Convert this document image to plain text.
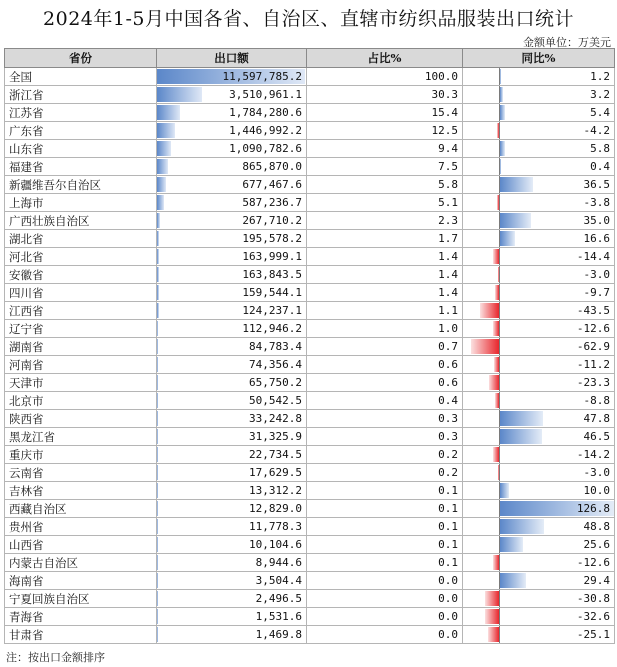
2024年1-5月中国各省、自治区、直辖市纺织品服装出口统计
金额单位：万美元
省份	出口额	占比%	同比%
全国	11,597,785.2	100.0	1.2
浙江省	3,510,961.1	30.3	3.2
江苏省	1,784,280.6	15.4	5.4
广东省	1,446,992.2	12.5	-4.2
山东省	1,090,782.6	9.4	5.8
福建省	865,870.0	7.5	0.4
新疆维吾尔自治区	677,467.6	5.8	36.5
上海市	587,236.7	5.1	-3.8
广西壮族自治区	267,710.2	2.3	35.0
湖北省	195,578.2	1.7	16.6
河北省	163,999.1	1.4	-14.4
安徽省	163,843.5	1.4	-3.0
四川省	159,544.1	1.4	-9.7
江西省	124,237.1	1.1	-43.5
辽宁省	112,946.2	1.0	-12.6
湖南省	84,783.4	0.7	-62.9
河南省	74,356.4	0.6	-11.2
天津市	65,750.2	0.6	-23.3
北京市	50,542.5	0.4	-8.8
陕西省	33,242.8	0.3	47.8
黑龙江省	31,325.9	0.3	46.5
重庆市	22,734.5	0.2	-14.2
云南省	17,629.5	0.2	-3.0
吉林省	13,312.2	0.1	10.0
西藏自治区	12,829.0	0.1	126.8
贵州省	11,778.3	0.1	48.8
山西省	10,104.6	0.1	25.6
内蒙古自治区	8,944.6	0.1	-12.6
海南省	3,504.4	0.0	29.4
宁夏回族自治区	2,496.5	0.0	-30.8
青海省	1,531.6	0.0	-32.6
甘肃省	1,469.8	0.0	-25.1
注：按出口金额排序
